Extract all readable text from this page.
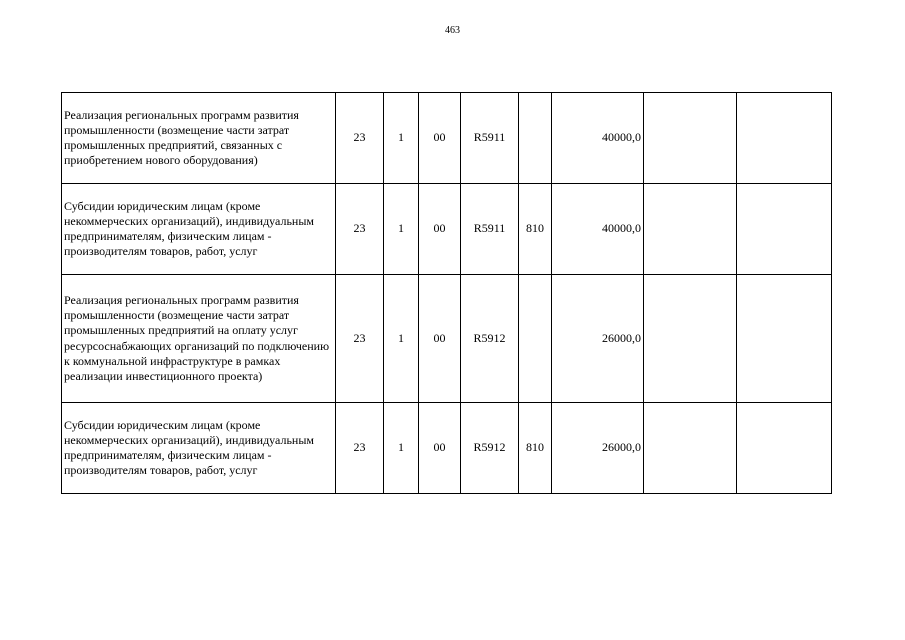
463
Реализация региональных программ развития промышленности (возмещение части затрат промышленных предприятий, связанных с приобретением нового оборудования)	23	1	00	R5911		40000,0		
Субсидии юридическим лицам (кроме некоммерческих организаций), индивидуальным предпринимателям, физическим лицам - производителям товаров, работ, услуг	23	1	00	R5911	810	40000,0		
Реализация региональных программ развития промышленности (возмещение части затрат промышленных предприятий на оплату услуг ресурсоснабжающих организаций по подключению к коммунальной инфраструктуре в рамках реализации инвестиционного проекта)	23	1	00	R5912		26000,0		
Субсидии юридическим лицам (кроме некоммерческих организаций), индивидуальным предпринимателям, физическим лицам - производителям товаров, работ, услуг	23	1	00	R5912	810	26000,0		
